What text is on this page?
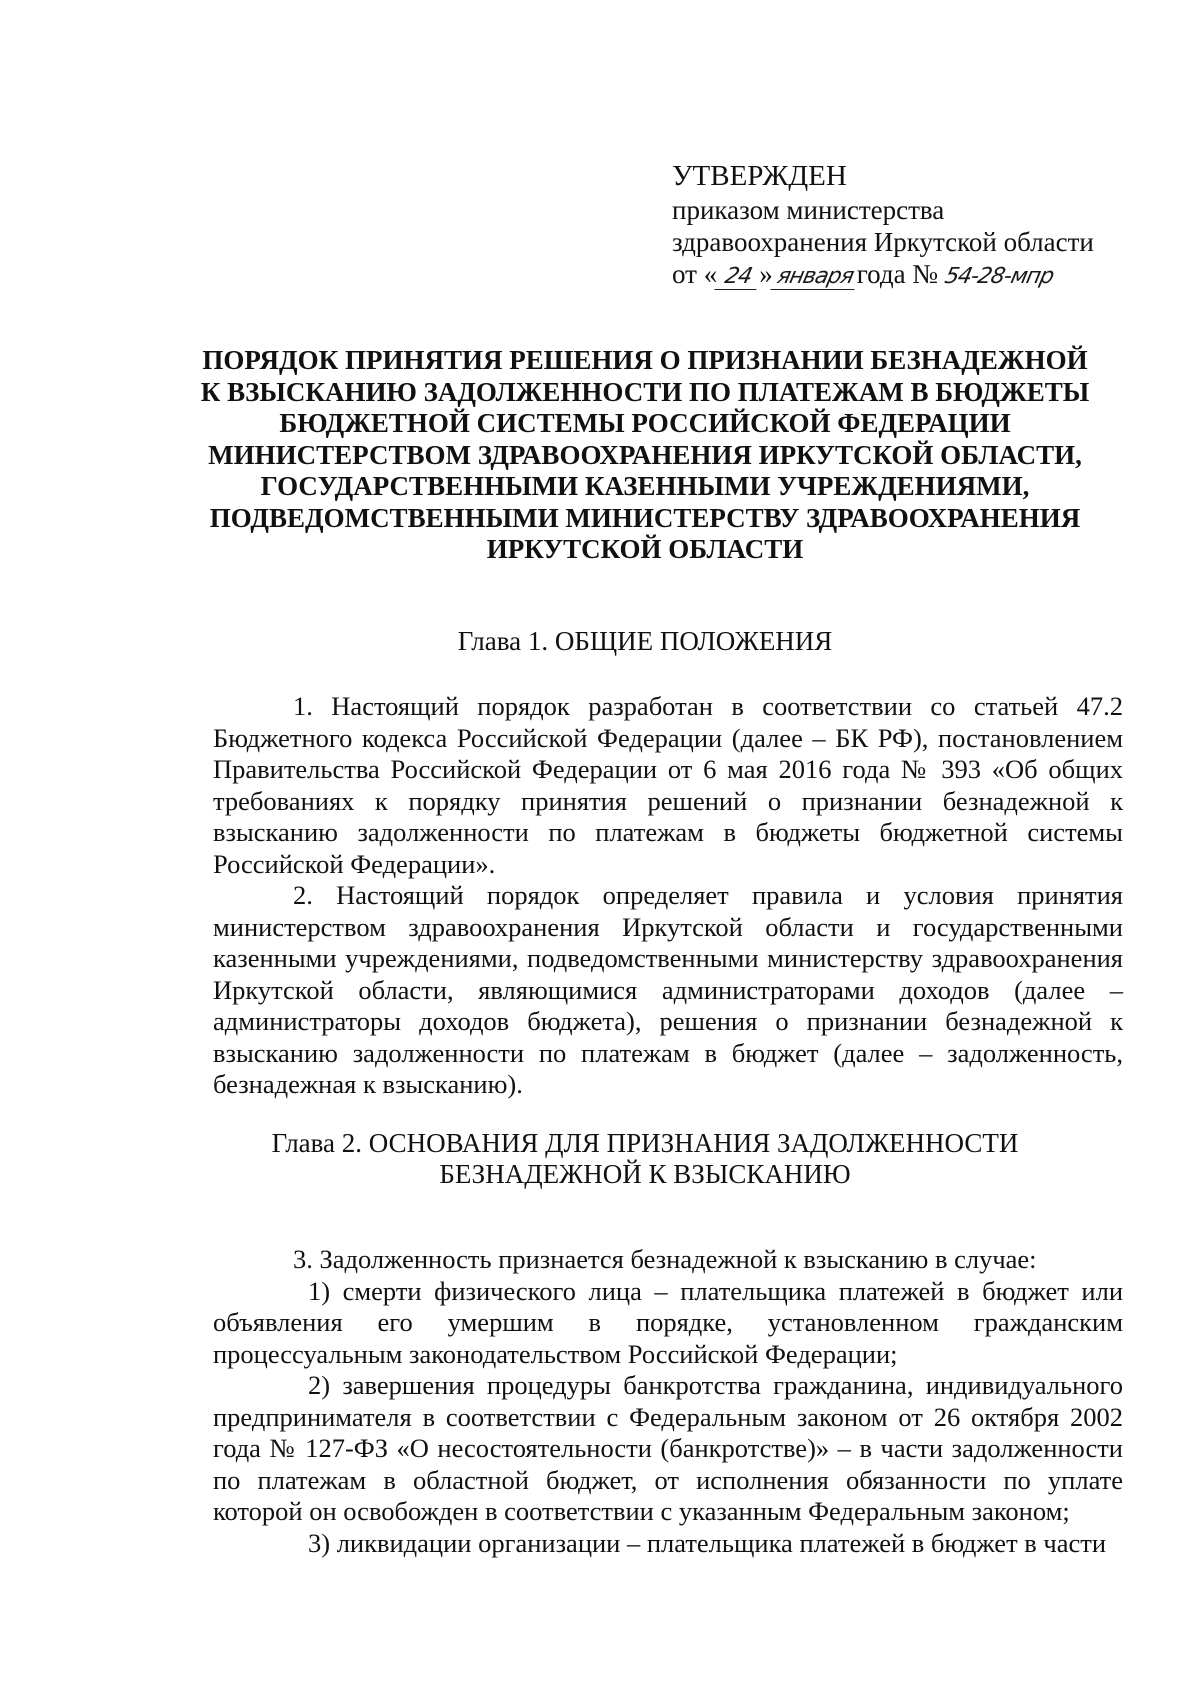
УТВЕРЖДЕН
приказом министерства
здравоохранения Иркутской области
от « 24 »январягода № 54-28-мпр
ПОРЯДОК ПРИНЯТИЯ РЕШЕНИЯ О ПРИЗНАНИИ БЕЗНАДЕЖНОЙ
К ВЗЫСКАНИЮ ЗАДОЛЖЕННОСТИ ПО ПЛАТЕЖАМ В БЮДЖЕТЫ
БЮДЖЕТНОЙ СИСТЕМЫ РОССИЙСКОЙ ФЕДЕРАЦИИ
МИНИСТЕРСТВОМ ЗДРАВООХРАНЕНИЯ ИРКУТСКОЙ ОБЛАСТИ,
ГОСУДАРСТВЕННЫМИ КАЗЕННЫМИ УЧРЕЖДЕНИЯМИ,
ПОДВЕДОМСТВЕННЫМИ МИНИСТЕРСТВУ ЗДРАВООХРАНЕНИЯ
ИРКУТСКОЙ ОБЛАСТИ
Глава 1. ОБЩИЕ ПОЛОЖЕНИЯ

1. Настоящий порядок разработан в соответствии со статьей 47.2 Бюджетного кодекса Российской Федерации (далее – БК РФ), постановлением Правительства Российской Федерации от 6 мая 2016 года № 393 «Об общих требованиях к порядку принятия решений о признании безнадежной к взысканию задолженности по платежам в бюджеты бюджетной системы Российской Федерации».

2. Настоящий порядок определяет правила и условия принятия министерством здравоохранения Иркутской области и государственными казенными учреждениями, подведомственными министерству здравоохранения Иркутской области, являющимися администраторами доходов (далее – администраторы доходов бюджета), решения о признании безнадежной к взысканию задолженности по платежам в бюджет (далее – задолженность, безнадежная к взысканию).

Глава 2. ОСНОВАНИЯ ДЛЯ ПРИЗНАНИЯ ЗАДОЛЖЕННОСТИ
БЕЗНАДЕЖНОЙ К ВЗЫСКАНИЮ

3. Задолженность признается безнадежной к взысканию в случае:

1) смерти физического лица – плательщика платежей в бюджет или объявления его умершим в порядке, установленном гражданским процессуальным законодательством Российской Федерации;

2) завершения процедуры банкротства гражданина, индивидуального предпринимателя в соответствии с Федеральным законом от 26 октября 2002 года № 127-ФЗ «О несостоятельности (банкротстве)» – в части задолженности по платежам в областной бюджет, от исполнения обязанности по уплате которой он освобожден в соответствии с указанным Федеральным законом;

3) ликвидации организации – плательщика платежей в бюджет в части
